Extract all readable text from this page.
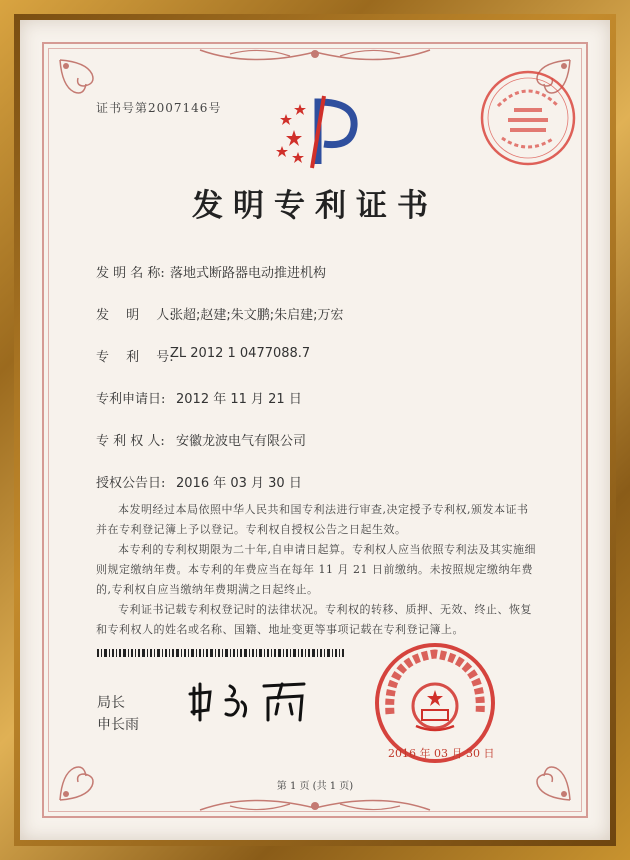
证书号第2007146号
发明专利证书
发 明 名 称: 落地式断路器电动推进机构
发　 明　 人:
张超;赵建;朱文鹏;朱启建;万宏
专　 利　 号:
ZL 2012 1 0477088.7
专利申请日: 2012 年 11 月 21 日
专 利 权 人: 安徽龙波电气有限公司
授权公告日: 2016 年 03 月 30 日

本发明经过本局依照中华人民共和国专利法进行审查,决定授予专利权,颁发本证书并在专利登记簿上予以登记。专利权自授权公告之日起生效。

本专利的专利权期限为二十年,自申请日起算。专利权人应当依照专利法及其实施细则规定缴纳年费。本专利的年费应当在每年 11 月 21 日前缴纳。未按照规定缴纳年费的,专利权自应当缴纳年费期满之日起终止。

专利证书记载专利权登记时的法律状况。专利权的转移、质押、无效、终止、恢复和专利权人的姓名或名称、国籍、地址变更等事项记载在专利登记簿上。

局长
申长雨
2016 年 03 月 30 日
第 1 页 (共 1 页)
